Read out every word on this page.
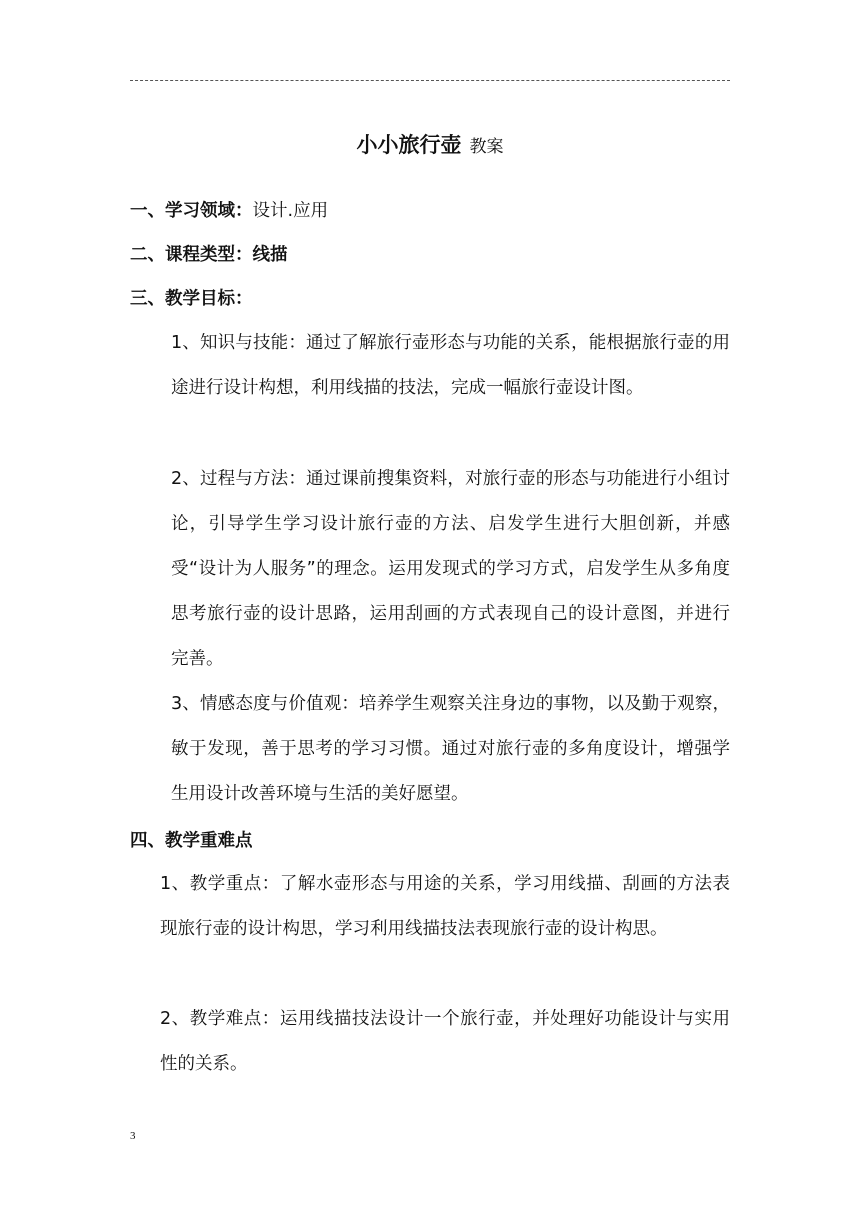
小小旅行壶 教案
一、学习领域：设计.应用
二、课程类型：线描
三、教学目标：
1、知识与技能：通过了解旅行壶形态与功能的关系，能根据旅行壶的用途进行设计构想，利用线描的技法，完成一幅旅行壶设计图。
2、过程与方法：通过课前搜集资料，对旅行壶的形态与功能进行小组讨论，引导学生学习设计旅行壶的方法、启发学生进行大胆创新，并感受“设计为人服务”的理念。运用发现式的学习方式，启发学生从多角度思考旅行壶的设计思路，运用刮画的方式表现自己的设计意图，并进行完善。
3、情感态度与价值观：培养学生观察关注身边的事物，以及勤于观察，敏于发现，善于思考的学习习惯。通过对旅行壶的多角度设计，增强学生用设计改善环境与生活的美好愿望。
四、教学重难点
1、教学重点：了解水壶形态与用途的关系，学习用线描、刮画的方法表现旅行壶的设计构思，学习利用线描技法表现旅行壶的设计构思。
2、教学难点：运用线描技法设计一个旅行壶，并处理好功能设计与实用性的关系。
3
